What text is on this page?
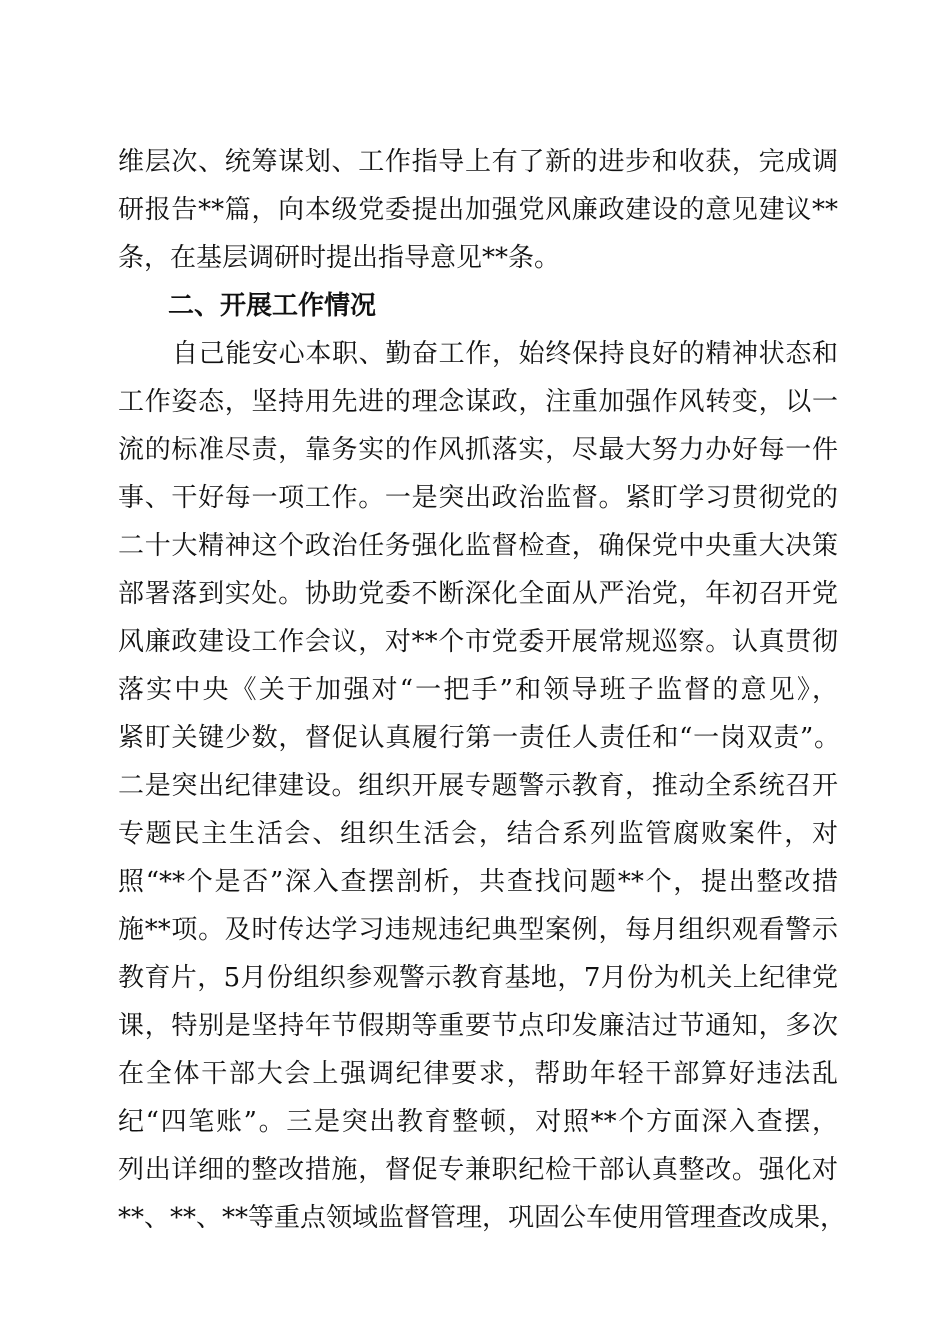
维层次、统筹谋划、工作指导上有了新的进步和收获，完成调
研报告**篇，向本级党委提出加强党风廉政建设的意见建议**
条，在基层调研时提出指导意见**条。
二、开展工作情况
自己能安心本职、勤奋工作，始终保持良好的精神状态和
工作姿态，坚持用先进的理念谋政，注重加强作风转变，以一
流的标准尽责，靠务实的作风抓落实，尽最大努力办好每一件
事、干好每一项工作。一是突出政治监督。紧盯学习贯彻党的
二十大精神这个政治任务强化监督检查，确保党中央重大决策
部署落到实处。协助党委不断深化全面从严治党，年初召开党
风廉政建设工作会议，对**个市党委开展常规巡察。认真贯彻
落实中央《关于加强对“一把手”和领导班子监督的意见》，
紧盯关键少数，督促认真履行第一责任人责任和“一岗双责”。
二是突出纪律建设。组织开展专题警示教育，推动全系统召开
专题民主生活会、组织生活会，结合系列监管腐败案件，对
照“**个是否”深入查摆剖析，共查找问题**个，提出整改措
施**项。及时传达学习违规违纪典型案例，每月组织观看警示
教育片，5月份组织参观警示教育基地，7月份为机关上纪律党
课，特别是坚持年节假期等重要节点印发廉洁过节通知，多次
在全体干部大会上强调纪律要求，帮助年轻干部算好违法乱
纪“四笔账”。三是突出教育整顿，对照**个方面深入查摆，
列出详细的整改措施，督促专兼职纪检干部认真整改。强化对
**、**、**等重点领域监督管理，巩固公车使用管理查改成果，
